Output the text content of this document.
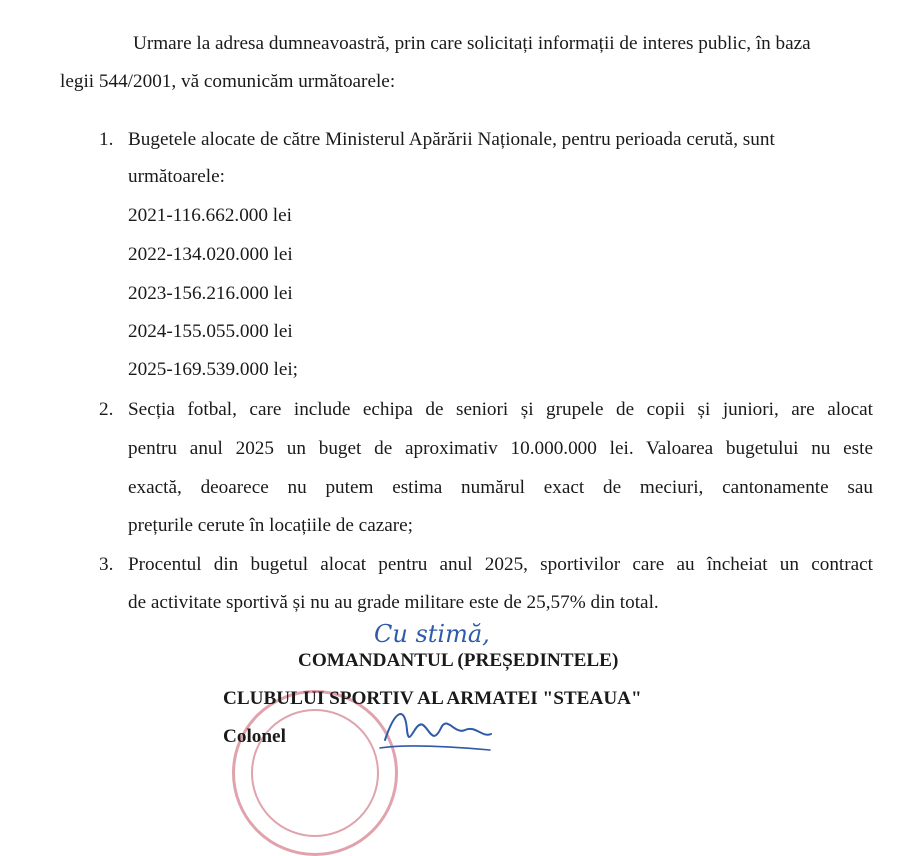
Urmare la adresa dumneavoastră, prin care solicitați informații de interes public, în baza
legii 544/2001, vă comunicăm următoarele:
1. Bugetele alocate de către Ministerul Apărării Naționale, pentru perioada cerută, sunt
următoarele:
2021-116.662.000 lei
2022-134.020.000 lei
2023-156.216.000 lei
2024-155.055.000 lei
2025-169.539.000 lei;
2. Secția fotbal, care include echipa de seniori și grupele de copii și juniori, are alocat
pentru anul 2025 un buget de aproximativ 10.000.000 lei. Valoarea bugetului nu este
exactă, deoarece nu putem estima numărul exact de meciuri, cantonamente sau
prețurile cerute în locațiile de cazare;
3. Procentul din bugetul alocat pentru anul 2025, sportivilor care au încheiat un contract
de activitate sportivă și nu au grade militare este de 25,57% din total.
Cu stimă,
COMANDANTUL (PREȘEDINTELE)
CLUBULUI SPORTIV AL ARMATEI "STEAUA"
Colonel
